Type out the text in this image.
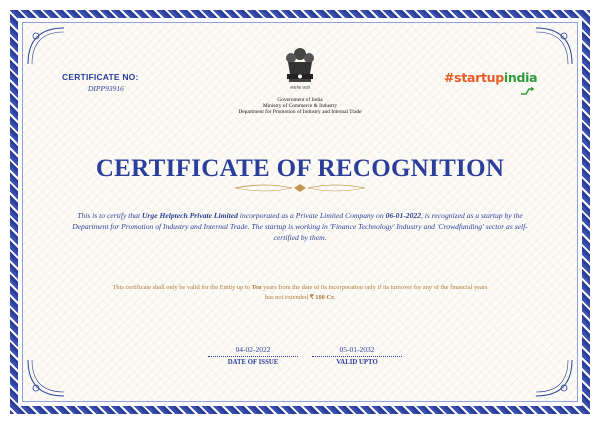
CERTIFICATE NO:
DIPP93916	सत्यमेव जयते
Government of India
Ministry of Commerce & Industry
Department for Promotion of Industry and Internal Trade
#startupindia
CERTIFICATE OF RECOGNITION
This is to certify that Urge Helptech Private Limited incorporated as a Private Limited Company on 06-01-2022, is recognized as a startup by the Department for Promotion of Industry and Internal Trade. The startup is working in 'Finance Technology' Industry and 'Crowdfunding' sector as self-certified by them.
This certificate shall only be valid for the Entity up to Ten years from the date of its incorporation only if its turnover for any of the financial years has not extended ₹ 100 Cr.
04-02-2022
DATE OF ISSUE
05-01-2032
VALID UPTO
